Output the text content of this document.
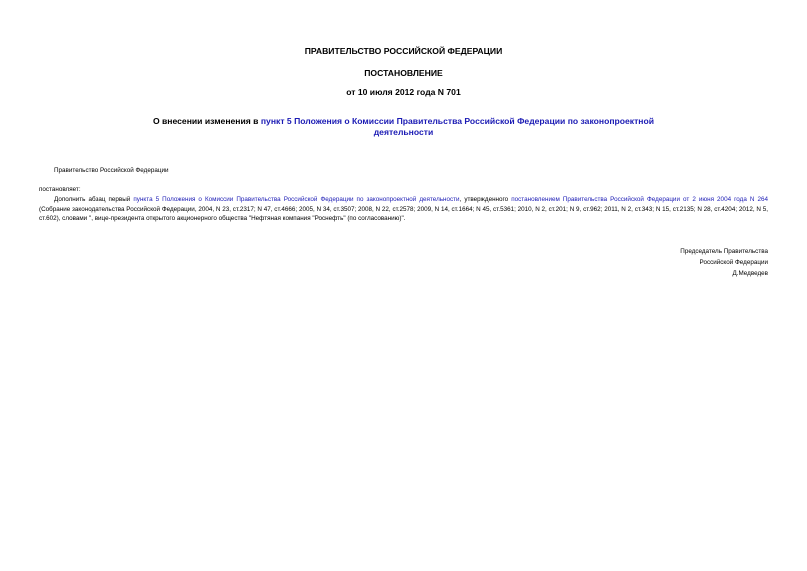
ПРАВИТЕЛЬСТВО РОССИЙСКОЙ ФЕДЕРАЦИИ
ПОСТАНОВЛЕНИЕ
от 10 июля 2012 года N 701
О внесении изменения в пункт 5 Положения о Комиссии Правительства Российской Федерации по законопроектной деятельности
Правительство Российской Федерации
постановляет:
Дополнить абзац первый пункта 5 Положения о Комиссии Правительства Российской Федерации по законопроектной деятельности, утвержденного постановлением Правительства Российской Федерации от 2 июня 2004 года N 264 (Собрание законодательства Российской Федерации, 2004, N 23, ст.2317; N 47, ст.4666; 2005, N 34, ст.3507; 2008, N 22, ст.2578; 2009, N 14, ст.1664; N 45, ст.5361; 2010, N 2, ст.201; N 9, ст.962; 2011, N 2, ст.343; N 15, ст.2135; N 28, ст.4204; 2012, N 5, ст.602), словами ", вице-президента открытого акционерного общества "Нефтяная компания "Роснефть" (по согласованию)".
Председатель Правительства
Российской Федерации
Д.Медведев
